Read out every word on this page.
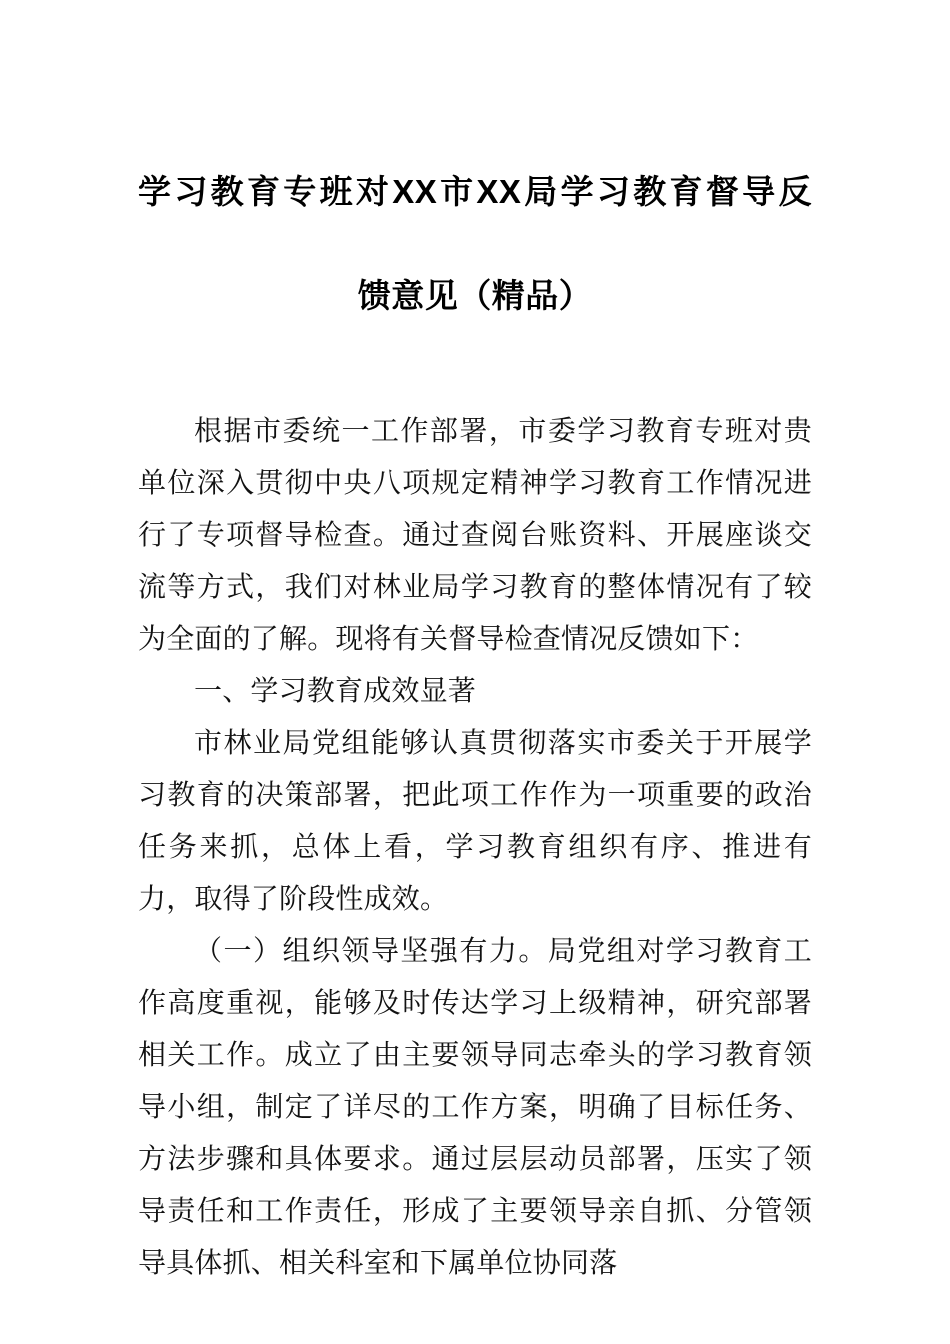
学习教育专班对XX市XX局学习教育督导反
馈意见（精品）

根据市委统一工作部署，市委学习教育专班对贵单位深入贯彻中央八项规定精神学习教育工作情况进行了专项督导检查。通过查阅台账资料、开展座谈交流等方式，我们对林业局学习教育的整体情况有了较为全面的了解。现将有关督导检查情况反馈如下：

一、学习教育成效显著

市林业局党组能够认真贯彻落实市委关于开展学习教育的决策部署，把此项工作作为一项重要的政治任务来抓，总体上看，学习教育组织有序、推进有力，取得了阶段性成效。

（一）组织领导坚强有力。局党组对学习教育工作高度重视，能够及时传达学习上级精神，研究部署相关工作。成立了由主要领导同志牵头的学习教育领导小组，制定了详尽的工作方案，明确了目标任务、方法步骤和具体要求。通过层层动员部署，压实了领导责任和工作责任，形成了主要领导亲自抓、分管领导具体抓、相关科室和下属单位协同落
